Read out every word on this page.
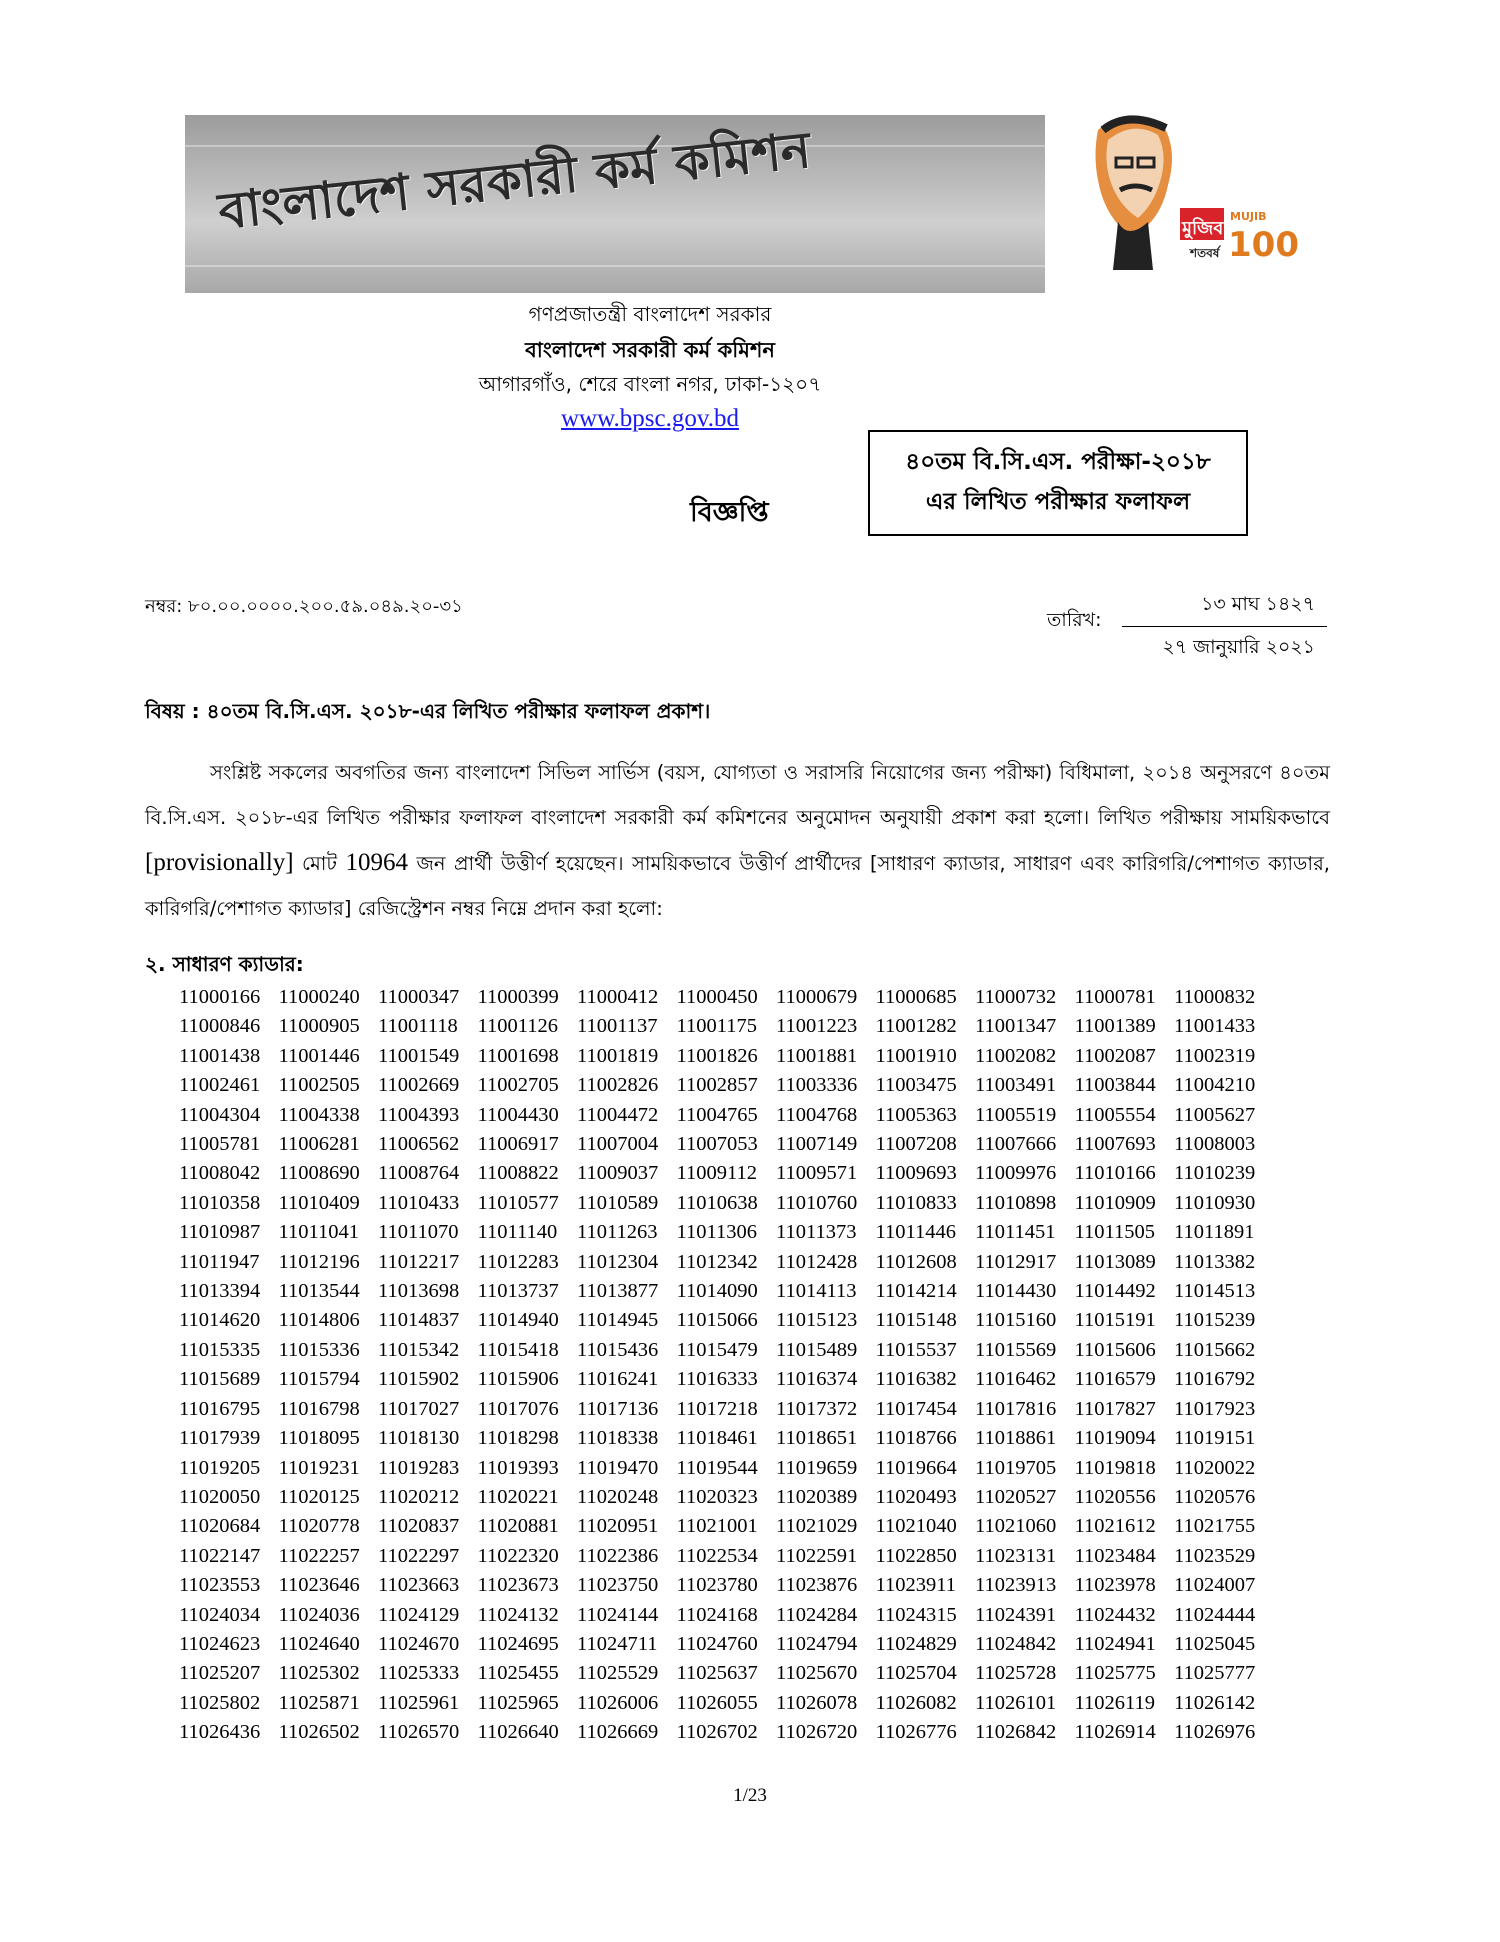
বাংলাদেশ সরকারী কর্ম কমিশন	মুজিব
শতবর্ষ
MUJIB
100
গণপ্রজাতন্ত্রী বাংলাদেশ সরকার
বাংলাদেশ সরকারী কর্ম কমিশন
আগারগাঁও, শেরে বাংলা নগর, ঢাকা-১২০৭
www.bpsc.gov.bd
বিজ্ঞপ্তি
৪০তম বি.সি.এস. পরীক্ষা-২০১৮
এর লিখিত পরীক্ষার ফলাফল
নম্বর: ৮০.০০.০০০০.২০০.৫৯.০৪৯.২০-৩১
তারিখ:
১৩ মাঘ ১৪২৭
২৭ জানুয়ারি ২০২১
বিষয় : ৪০তম বি.সি.এস. ২০১৮-এর লিখিত পরীক্ষার ফলাফল প্রকাশ।
সংশ্লিষ্ট সকলের অবগতির জন্য বাংলাদেশ সিভিল সার্ভিস (বয়স, যোগ্যতা ও সরাসরি নিয়োগের জন্য পরীক্ষা) বিধিমালা, ২০১৪ অনুসরণে ৪০তম বি.সি.এস. ২০১৮-এর লিখিত পরীক্ষার ফলাফল বাংলাদেশ সরকারী কর্ম কমিশনের অনুমোদন অনুযায়ী প্রকাশ করা হলো। লিখিত পরীক্ষায় সাময়িকভাবে [provisionally] মোট 10964 জন প্রার্থী উত্তীর্ণ হয়েছেন। সাময়িকভাবে উত্তীর্ণ প্রার্থীদের [সাধারণ ক্যাডার, সাধারণ এবং কারিগরি/পেশাগত ক্যাডার, কারিগরি/পেশাগত ক্যাডার] রেজিস্ট্রেশন নম্বর নিম্নে প্রদান করা হলো:
২. সাধারণ ক্যাডার:
11000166 11000240 11000347 11000399 11000412 11000450 11000679 11000685 11000732 11000781 11000832
11000846 11000905 11001118 11001126 11001137 11001175 11001223 11001282 11001347 11001389 11001433
11001438 11001446 11001549 11001698 11001819 11001826 11001881 11001910 11002082 11002087 11002319
11002461 11002505 11002669 11002705 11002826 11002857 11003336 11003475 11003491 11003844 11004210
11004304 11004338 11004393 11004430 11004472 11004765 11004768 11005363 11005519 11005554 11005627
11005781 11006281 11006562 11006917 11007004 11007053 11007149 11007208 11007666 11007693 11008003
11008042 11008690 11008764 11008822 11009037 11009112 11009571 11009693 11009976 11010166 11010239
11010358 11010409 11010433 11010577 11010589 11010638 11010760 11010833 11010898 11010909 11010930
11010987 11011041 11011070 11011140 11011263 11011306 11011373 11011446 11011451 11011505 11011891
11011947 11012196 11012217 11012283 11012304 11012342 11012428 11012608 11012917 11013089 11013382
11013394 11013544 11013698 11013737 11013877 11014090 11014113 11014214 11014430 11014492 11014513
11014620 11014806 11014837 11014940 11014945 11015066 11015123 11015148 11015160 11015191 11015239
11015335 11015336 11015342 11015418 11015436 11015479 11015489 11015537 11015569 11015606 11015662
11015689 11015794 11015902 11015906 11016241 11016333 11016374 11016382 11016462 11016579 11016792
11016795 11016798 11017027 11017076 11017136 11017218 11017372 11017454 11017816 11017827 11017923
11017939 11018095 11018130 11018298 11018338 11018461 11018651 11018766 11018861 11019094 11019151
11019205 11019231 11019283 11019393 11019470 11019544 11019659 11019664 11019705 11019818 11020022
11020050 11020125 11020212 11020221 11020248 11020323 11020389 11020493 11020527 11020556 11020576
11020684 11020778 11020837 11020881 11020951 11021001 11021029 11021040 11021060 11021612 11021755
11022147 11022257 11022297 11022320 11022386 11022534 11022591 11022850 11023131 11023484 11023529
11023553 11023646 11023663 11023673 11023750 11023780 11023876 11023911 11023913 11023978 11024007
11024034 11024036 11024129 11024132 11024144 11024168 11024284 11024315 11024391 11024432 11024444
11024623 11024640 11024670 11024695 11024711 11024760 11024794 11024829 11024842 11024941 11025045
11025207 11025302 11025333 11025455 11025529 11025637 11025670 11025704 11025728 11025775 11025777
11025802 11025871 11025961 11025965 11026006 11026055 11026078 11026082 11026101 11026119 11026142
11026436 11026502 11026570 11026640 11026669 11026702 11026720 11026776 11026842 11026914 11026976
1/23
